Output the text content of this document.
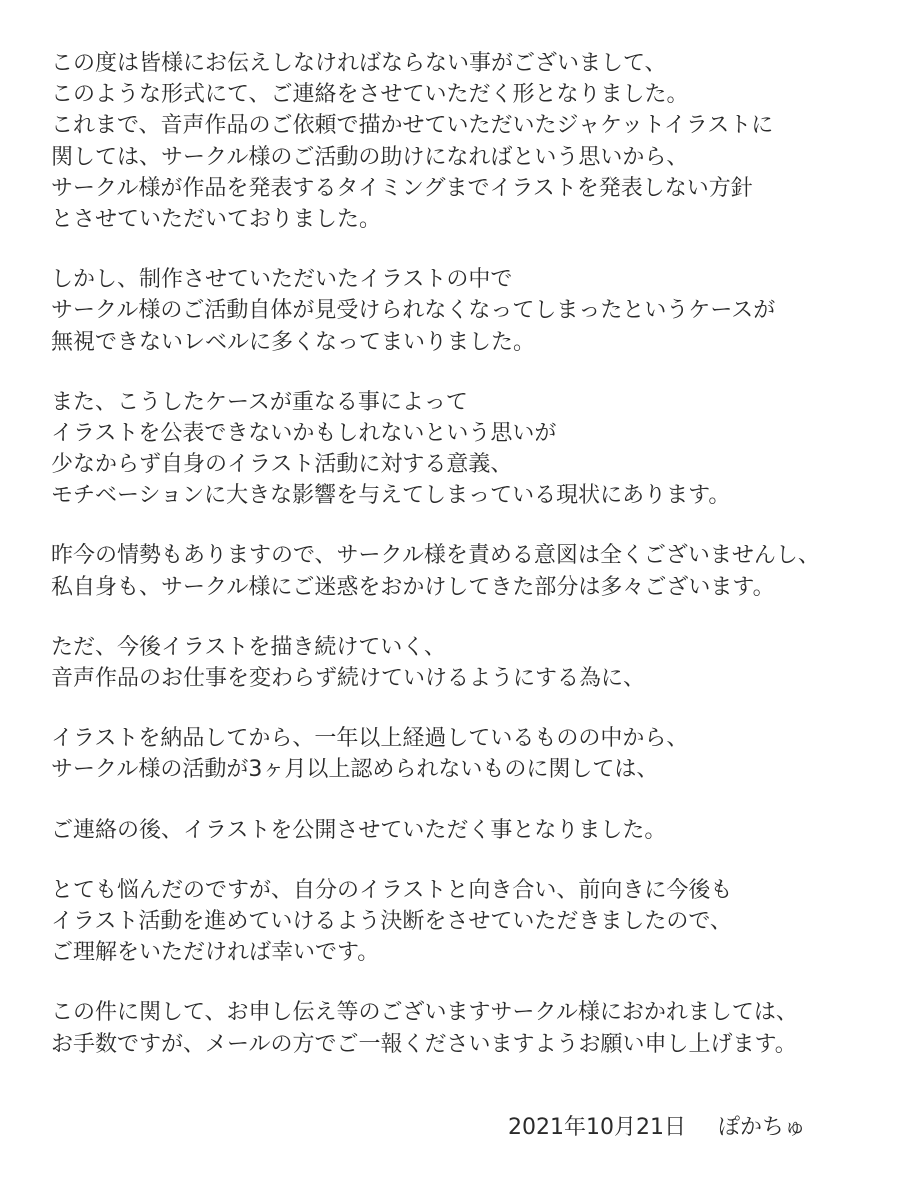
この度は皆様にお伝えしなければならない事がございまして、
このような形式にて、ご連絡をさせていただく形となりました。
これまで、音声作品のご依頼で描かせていただいたジャケットイラストに
関しては、サークル様のご活動の助けになればという思いから、
サークル様が作品を発表するタイミングまでイラストを発表しない方針
とさせていただいておりました。
しかし、制作させていただいたイラストの中で
サークル様のご活動自体が見受けられなくなってしまったというケースが
無視できないレベルに多くなってまいりました。
また、こうしたケースが重なる事によって
イラストを公表できないかもしれないという思いが
少なからず自身のイラスト活動に対する意義、
モチベーションに大きな影響を与えてしまっている現状にあります。
昨今の情勢もありますので、サークル様を責める意図は全くございませんし、
私自身も、サークル様にご迷惑をおかけしてきた部分は多々ございます。
ただ、今後イラストを描き続けていく、
音声作品のお仕事を変わらず続けていけるようにする為に、
イラストを納品してから、一年以上経過しているものの中から、
サークル様の活動が3ヶ月以上認められないものに関しては、
ご連絡の後、イラストを公開させていただく事となりました。
とても悩んだのですが、自分のイラストと向き合い、前向きに今後も
イラスト活動を進めていけるよう決断をさせていただきましたので、
ご理解をいただければ幸いです。
この件に関して、お申し伝え等のございますサークル様におかれましては、
お手数ですが、メールの方でご一報くださいますようお願い申し上げます。
2021年10月21日 ぽかちゅ
